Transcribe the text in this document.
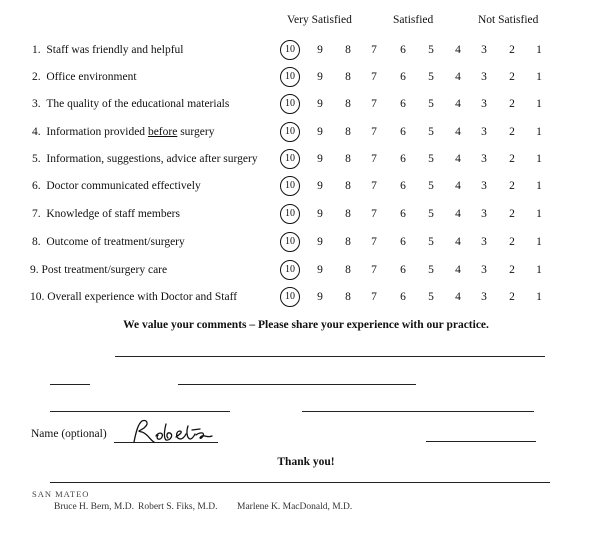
Very Satisfied	Satisfied	Not Satisfied
1. Staff was friendly and helpful	10	9	8	7	6	5	4	3	2	1
2. Office environment	10	9	8	7	6	5	4	3	2	1
3. The quality of the educational materials	10	9	8	7	6	5	4	3	2	1
4. Information provided before surgery	10	9	8	7	6	5	4	3	2	1
5. Information, suggestions, advice after surgery	10	9	8	7	6	5	4	3	2	1
6. Doctor communicated effectively	10	9	8	7	6	5	4	3	2	1
7. Knowledge of staff members	10	9	8	7	6	5	4	3	2	1
8. Outcome of treatment/surgery	10	9	8	7	6	5	4	3	2	1
9. Post treatment/surgery care	10	9	8	7	6	5	4	3	2	1
10. Overall experience with Doctor and Staff	10	9	8	7	6	5	4	3	2	1
We value your comments – Please share your experience with our practice.
Name (optional)
Thank you!
SAN MATEO
Bruce H. Bern, M.D. Robert S. Fiks, M.D. Marlene K. MacDonald, M.D.
